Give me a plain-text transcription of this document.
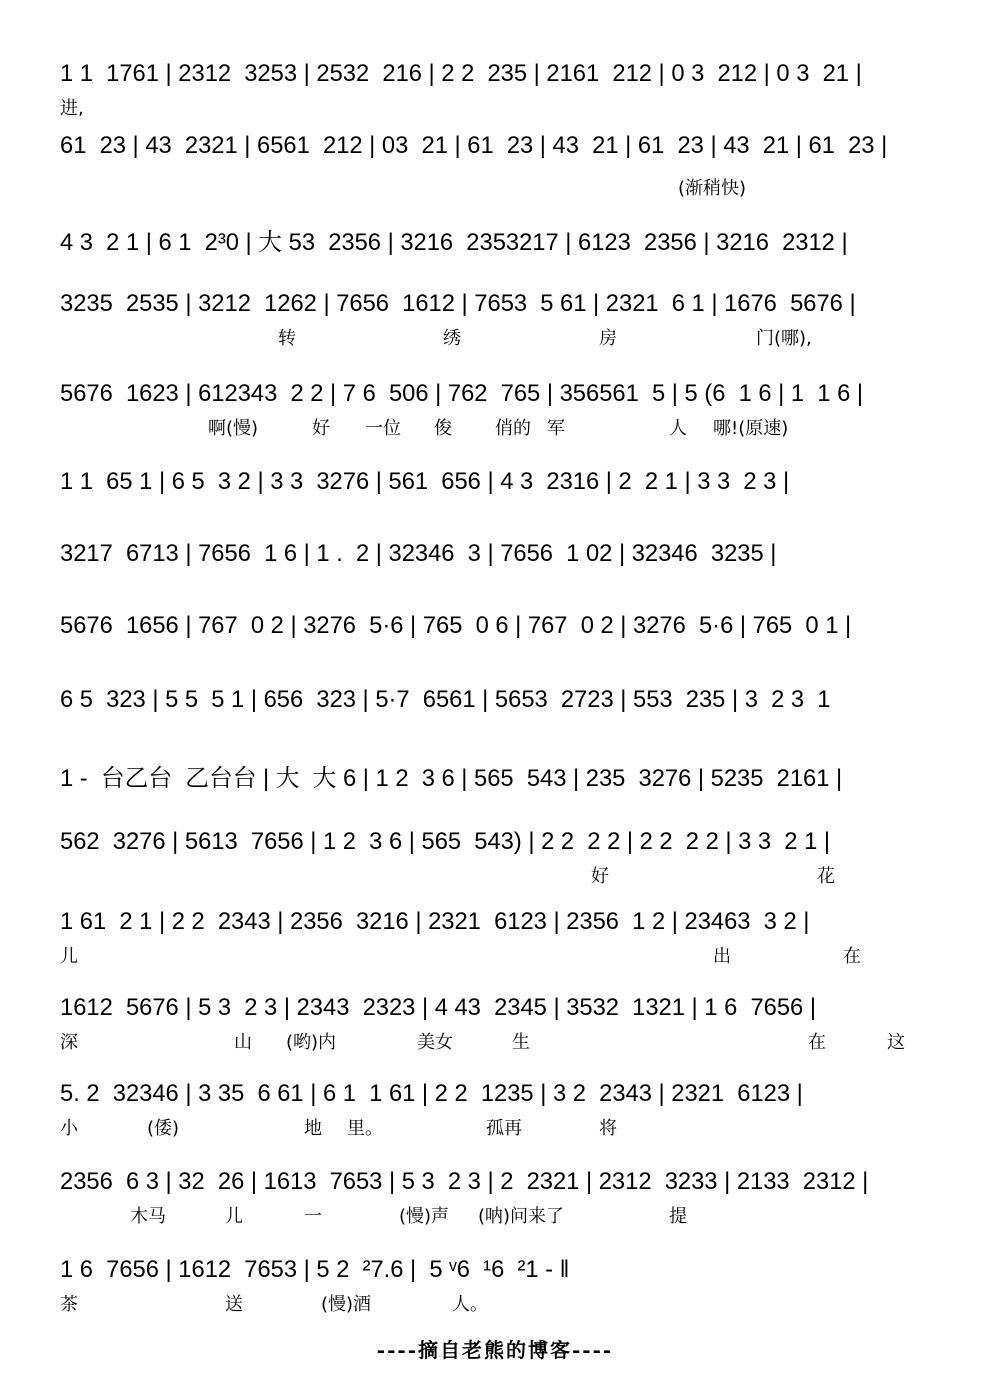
1 1  1761 | 2312  3253 | 2532  216 | 2 2  235 | 2161  212 | 0 3  212 | 0 3  21 |
进,
61  23 | 43  2321 | 6561  212 | 03  21 | 61  23 | 43  21 | 61  23 | 43  21 | 61  23 |
(渐稍快)
4 3  2 1 | 6 1  2³0 | 大 53  2356 | 3216  2353217 | 6123  2356 | 3216  2312 |
3235  2535 | 3212  1262 | 7656  1612 | 7653  5 61 | 2321  6 1 | 1676  5676 |
转	绣	房	门(哪),
5676  1623 | 612343  2 2 | 7 6  506 | 762  765 | 356561  5 | 5 (6  1 6 | 1  1 6 |
啊(慢)	好 一位 俊 俏的 军	人 哪!(原速)
1 1  65 1 | 6 5  3 2 | 3 3  3276 | 561  656 | 4 3  2316 | 2  2 1 | 3 3  2 3 |
3217  6713 | 7656  1 6 | 1 .  2 | 32346  3 | 7656  1 02 | 32346  3235 |
5676  1656 | 767  0 2 | 3276  5·6 | 765  0 6 | 767  0 2 | 3276  5·6 | 765  0 1 |
6 5  323 | 5 5  5 1 | 656  323 | 5·7  6561 | 5653  2723 | 553  235 | 3  2 3  1
1 -  台乙台  乙台台 | 大  大 6 | 1 2  3 6 | 565  543 | 235  3276 | 5235  2161 |
562  3276 | 5613  7656 | 1 2  3 6 | 565  543) | 2 2  2 2 | 2 2  2 2 | 3 3  2 1 |
好	花
1 61  2 1 | 2 2  2343 | 2356  3216 | 2321  6123 | 2356  1 2 | 23463  3 2 |
儿	出	在
1612  5676 | 5 3  2 3 | 2343  2323 | 4 43  2345 | 3532  1321 | 1 6  7656 |
深	山 (哟)内	美女	生	在	这
5. 2  32346 | 3 35  6 61 | 6 1  1 61 | 2 2  1235 | 3 2  2343 | 2321  6123 |
小	(倭)	地 里。	孤再	将
2356  6 3 | 32  26 | 1613  7653 | 5 3  2 3 | 2  2321 | 2312  3233 | 2133  2312 |
木马	儿	一	(慢)声 (呐)问来了	提
1 6  7656 | 1612  7653 | 5 2  ²7.6 |  5 ᵛ6  ¹6  ²1 - ‖
茶	送	(慢)酒	人。
----摘自老熊的博客----
